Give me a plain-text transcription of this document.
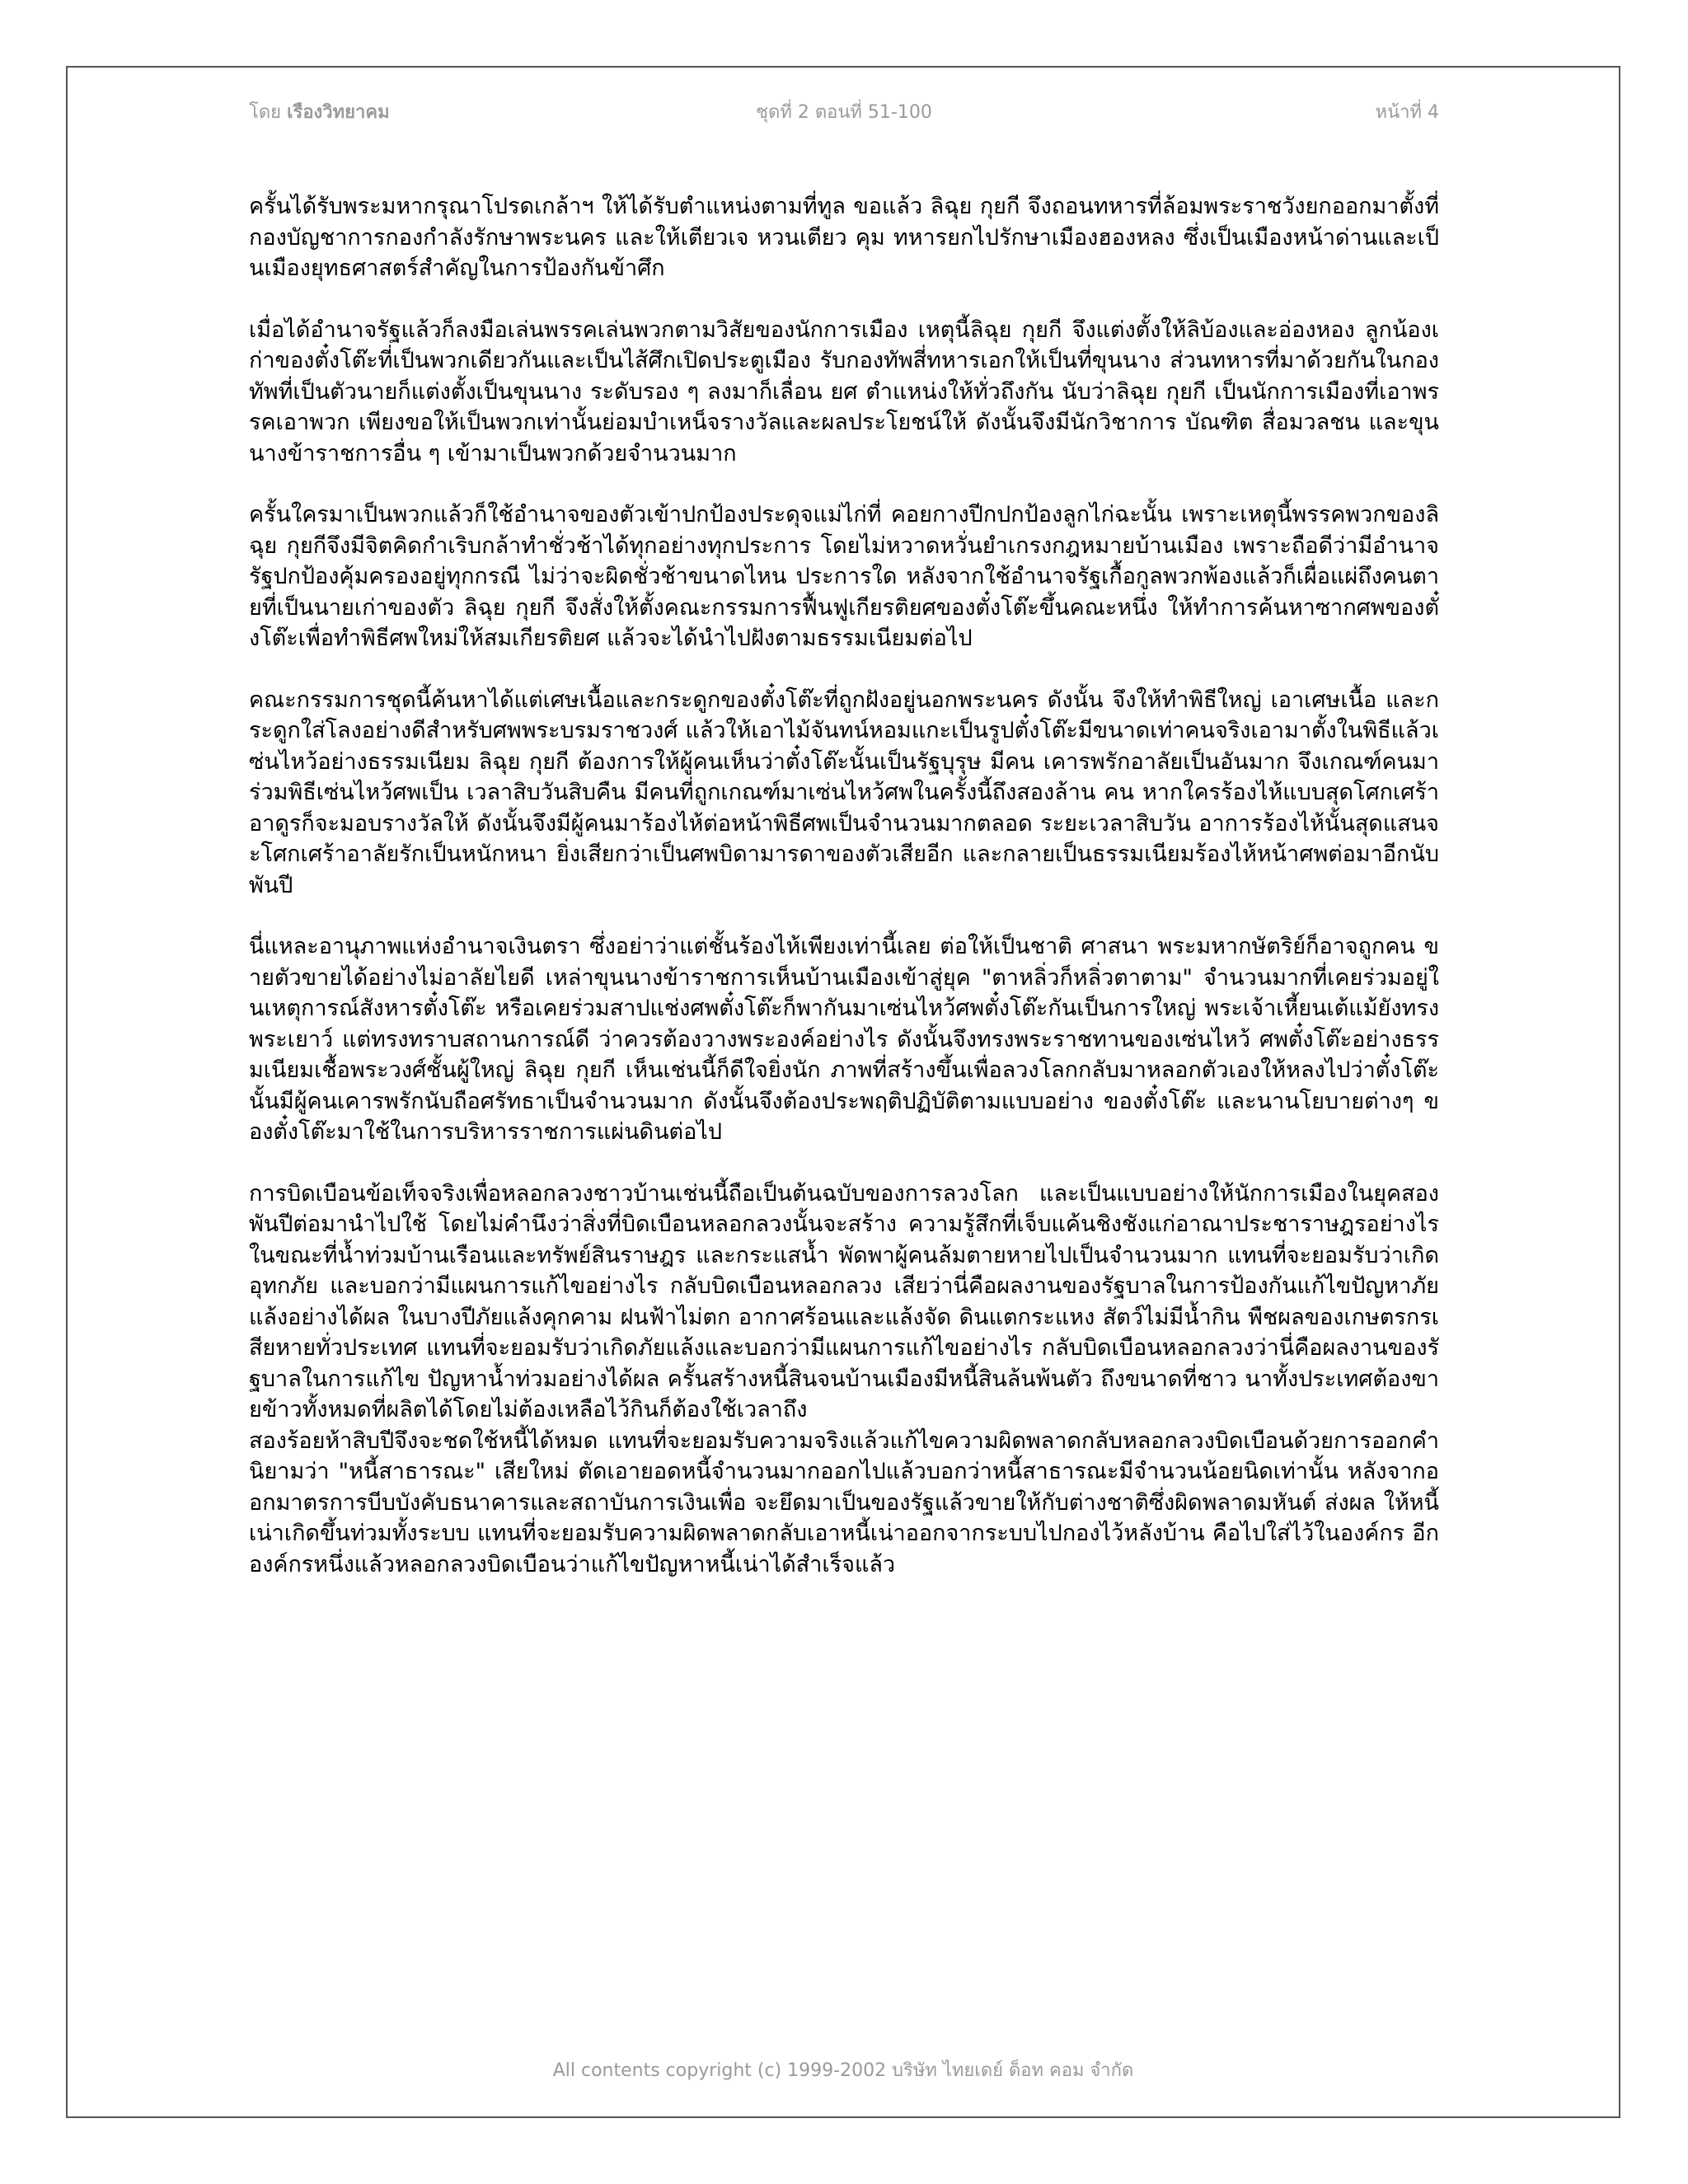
โดย เรืองวิทยาคม	ชุดที่ 2 ตอนที่ 51-100	หน้าที่ 4

ครั้นได้รับพระมหากรุณาโปรดเกล้าฯ ให้ได้รับตำแหน่งตามที่ทูล ขอแล้ว ลิฉุย กุยกี จึงถอนทหารที่ล้อมพระราชวังยกออกมาตั้งที่กองบัญชาการกองกำลังรักษาพระนคร และให้เตียวเจ หวนเตียว คุม ทหารยกไปรักษาเมืองฮองหลง ซึ่งเป็นเมืองหน้าด่านและเป็นเมืองยุทธศาสตร์สำคัญในการป้องกันข้าศึก

เมื่อได้อำนาจรัฐแล้วก็ลงมือเล่นพรรคเล่นพวกตามวิสัยของนักการเมือง เหตุนี้ลิฉุย กุยกี จึงแต่งตั้งให้ลิบ้องและอ่องหอง ลูกน้องเก่าของตั๋งโต๊ะที่เป็นพวกเดียวกันและเป็นไส้ศึกเปิดประตูเมือง รับกองทัพสี่ทหารเอกให้เป็นที่ขุนนาง ส่วนทหารที่มาด้วยกันในกองทัพที่เป็นตัวนายก็แต่งตั้งเป็นขุนนาง ระดับรอง ๆ ลงมาก็เลื่อน ยศ ตำแหน่งให้ทั่วถึงกัน นับว่าลิฉุย กุยกี เป็นนักการเมืองที่เอาพรรคเอาพวก เพียงขอให้เป็นพวกเท่านั้นย่อมบำเหน็จรางวัลและผลประโยชน์ให้ ดังนั้นจึงมีนักวิชาการ บัณฑิต สื่อมวลชน และขุนนางข้าราชการอื่น ๆ เข้ามาเป็นพวกด้วยจำนวนมาก

ครั้นใครมาเป็นพวกแล้วก็ใช้อำนาจของตัวเข้าปกป้องประดุจแม่ไก่ที่ คอยกางปีกปกป้องลูกไก่ฉะนั้น เพราะเหตุนี้พรรคพวกของลิฉุย กุยกีจึงมีจิตคิดกำเริบกล้าทำชั่วช้าได้ทุกอย่างทุกประการ โดยไม่หวาดหวั่นยำเกรงกฎหมายบ้านเมือง เพราะถือดีว่ามีอำนาจรัฐปกป้องคุ้มครองอยู่ทุกกรณี ไม่ว่าจะผิดชั่วช้าขนาดไหน ประการใด หลังจากใช้อำนาจรัฐเกื้อกูลพวกพ้องแล้วก็เผื่อแผ่ถึงคนตายที่เป็นนายเก่าของตัว ลิฉุย กุยกี จึงสั่งให้ตั้งคณะกรรมการฟื้นฟูเกียรติยศของตั๋งโต๊ะขึ้นคณะหนึ่ง ให้ทำการค้นหาซากศพของตั๋งโต๊ะเพื่อทำพิธีศพใหม่ให้สมเกียรติยศ แล้วจะได้นำไปฝังตามธรรมเนียมต่อไป

คณะกรรมการชุดนี้ค้นหาได้แต่เศษเนื้อและกระดูกของตั๋งโต๊ะที่ถูกฝังอยู่นอกพระนคร ดังนั้น จึงให้ทำพิธีใหญ่ เอาเศษเนื้อ และกระดูกใส่โลงอย่างดีสำหรับศพพระบรมราชวงศ์ แล้วให้เอาไม้จันทน์หอมแกะเป็นรูปตั๋งโต๊ะมีขนาดเท่าคนจริงเอามาตั้งในพิธีแล้วเซ่นไหว้อย่างธรรมเนียม ลิฉุย กุยกี ต้องการให้ผู้คนเห็นว่าตั๋งโต๊ะนั้นเป็นรัฐบุรุษ มีคน เคารพรักอาลัยเป็นอันมาก จึงเกณฑ์คนมาร่วมพิธีเซ่นไหว้ศพเป็น เวลาสิบวันสิบคืน มีคนที่ถูกเกณฑ์มาเซ่นไหว้ศพในครั้งนี้ถึงสองล้าน คน หากใครร้องไห้แบบสุดโศกเศร้าอาดูรก็จะมอบรางวัลให้ ดังนั้นจึงมีผู้คนมาร้องไห้ต่อหน้าพิธีศพเป็นจำนวนมากตลอด ระยะเวลาสิบวัน อาการร้องไห้นั้นสุดแสนจะโศกเศร้าอาลัยรักเป็นหนักหนา ยิ่งเสียกว่าเป็นศพบิดามารดาของตัวเสียอีก และกลายเป็นธรรมเนียมร้องไห้หน้าศพต่อมาอีกนับพันปี

นี่แหละอานุภาพแห่งอำนาจเงินตรา ซึ่งอย่าว่าแต่ชั้นร้องไห้เพียงเท่านี้เลย ต่อให้เป็นชาติ ศาสนา พระมหากษัตริย์ก็อาจถูกคน ขายตัวขายได้อย่างไม่อาลัยไยดี เหล่าขุนนางข้าราชการเห็นบ้านเมืองเข้าสู่ยุค "ตาหลิ่วก็หลิ่วตาตาม" จำนวนมากที่เคยร่วมอยู่ในเหตุการณ์สังหารตั๋งโต๊ะ หรือเคยร่วมสาปแช่งศพตั๋งโต๊ะก็พากันมาเซ่นไหว้ศพตั๋งโต๊ะกันเป็นการใหญ่ พระเจ้าเหี้ยนเต้แม้ยังทรงพระเยาว์ แต่ทรงทราบสถานการณ์ดี ว่าควรต้องวางพระองค์อย่างไร ดังนั้นจึงทรงพระราชทานของเซ่นไหว้ ศพตั๋งโต๊ะอย่างธรรมเนียมเชื้อพระวงศ์ชั้นผู้ใหญ่ ลิฉุย กุยกี เห็นเช่นนี้ก็ดีใจยิ่งนัก ภาพที่สร้างขึ้นเพื่อลวงโลกกลับมาหลอกตัวเองให้หลงไปว่าตั๋งโต๊ะนั้นมีผู้คนเคารพรักนับถือศรัทธาเป็นจำนวนมาก ดังนั้นจึงต้องประพฤติปฏิบัติตามแบบอย่าง ของตั๋งโต๊ะ และนานโยบายต่างๆ ของตั๋งโต๊ะมาใช้ในการบริหารราชการแผ่นดินต่อไป

การบิดเบือนข้อเท็จจริงเพื่อหลอกลวงชาวบ้านเช่นนี้ถือเป็นต้นฉบับของการลวงโลก และเป็นแบบอย่างให้นักการเมืองในยุคสองพันปีต่อมานำไปใช้ โดยไม่คำนึงว่าสิ่งที่บิดเบือนหลอกลวงนั้นจะสร้าง ความรู้สึกที่เจ็บแค้นชิงชังแก่อาณาประชาราษฎรอย่างไร ในขณะที่น้ำท่วมบ้านเรือนและทรัพย์สินราษฎร และกระแสน้ำ พัดพาผู้คนล้มตายหายไปเป็นจำนวนมาก แทนที่จะยอมรับว่าเกิดอุทกภัย และบอกว่ามีแผนการแก้ไขอย่างไร กลับบิดเบือนหลอกลวง เสียว่านี่คือผลงานของรัฐบาลในการป้องกันแก้ไขปัญหาภัยแล้งอย่างได้ผล ในบางปีภัยแล้งคุกคาม ฝนฟ้าไม่ตก อากาศร้อนและแล้งจัด ดินแตกระแหง สัตว์ไม่มีน้ำกิน พืชผลของเกษตรกรเสียหายทั่วประเทศ แทนที่จะยอมรับว่าเกิดภัยแล้งและบอกว่ามีแผนการแก้ไขอย่างไร กลับบิดเบือนหลอกลวงว่านี่คือผลงานของรัฐบาลในการแก้ไข ปัญหาน้ำท่วมอย่างได้ผล ครั้นสร้างหนี้สินจนบ้านเมืองมีหนี้สินล้นพ้นตัว ถึงขนาดที่ชาว นาทั้งประเทศต้องขายข้าวทั้งหมดที่ผลิตได้โดยไม่ต้องเหลือไว้กินก็ต้องใช้เวลาถึง

สองร้อยห้าสิบปีจึงจะชดใช้หนี้ได้หมด แทนที่จะยอมรับความจริงแล้วแก้ไขความผิดพลาดกลับหลอกลวงบิดเบือนด้วยการออกคำนิยามว่า "หนี้สาธารณะ" เสียใหม่ ตัดเอายอดหนี้จำนวนมากออกไปแล้วบอกว่าหนี้สาธารณะมีจำนวนน้อยนิดเท่านั้น หลังจากออกมาตรการบีบบังคับธนาคารและสถาบันการเงินเพื่อ จะยึดมาเป็นของรัฐแล้วขายให้กับต่างชาติซึ่งผิดพลาดมหันต์ ส่งผล ให้หนี้เน่าเกิดขึ้นท่วมทั้งระบบ แทนที่จะยอมรับความผิดพลาดกลับเอาหนี้เน่าออกจากระบบไปกองไว้หลังบ้าน คือไปใส่ไว้ในองค์กร อีกองค์กรหนึ่งแล้วหลอกลวงบิดเบือนว่าแก้ไขปัญหาหนี้เน่าได้สำเร็จแล้ว

All contents copyright (c) 1999-2002 บริษัท ไทยเดย์ ด็อท คอม จำกัด
